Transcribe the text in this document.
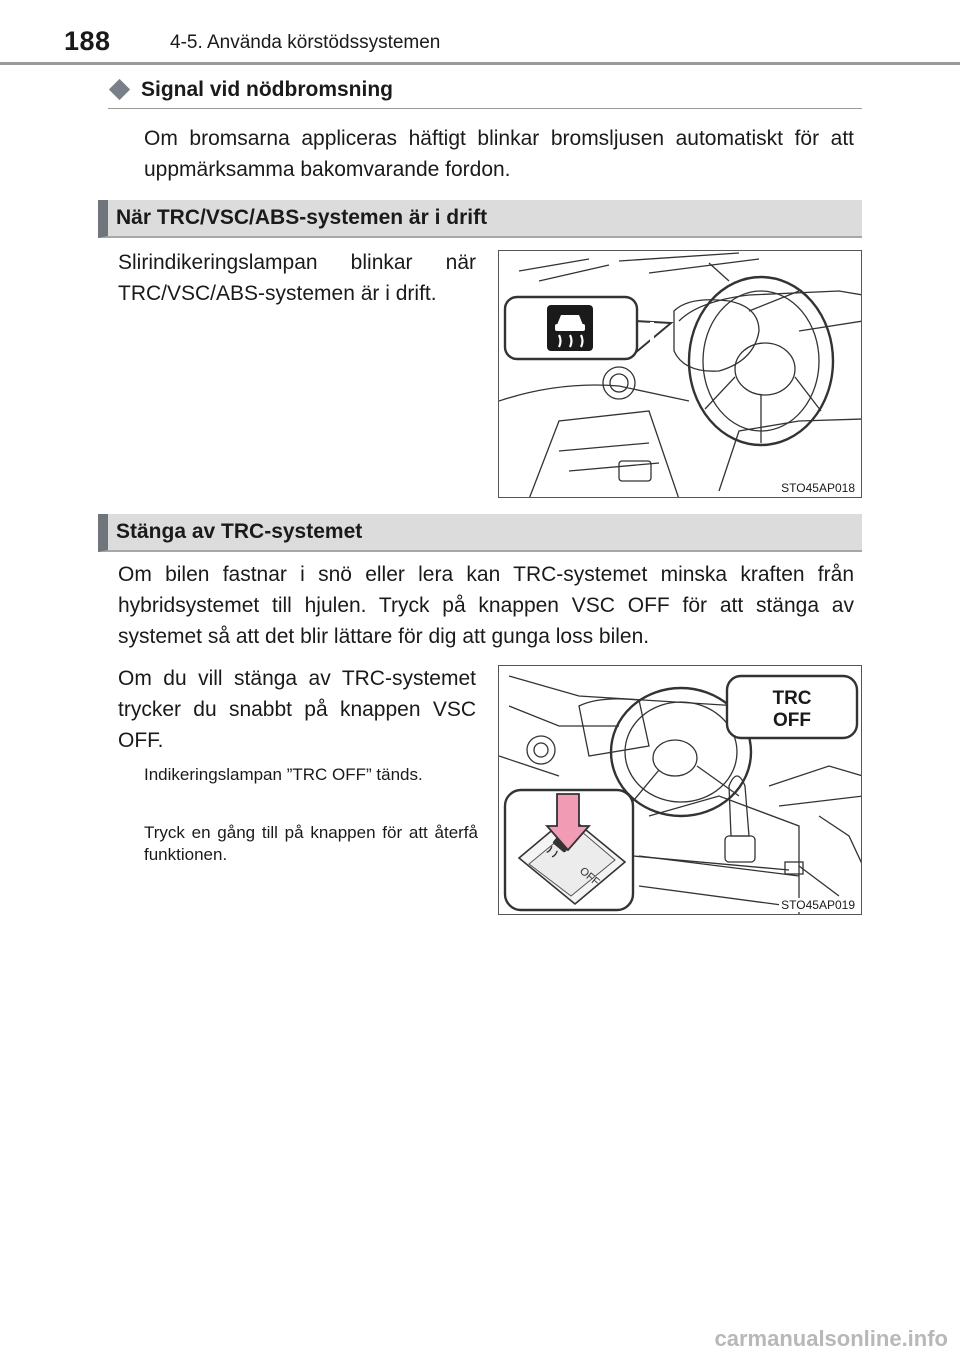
188	4-5. Använda körstödssystemen
Signal vid nödbromsning
Om bromsarna appliceras häftigt blinkar bromsljusen automatiskt för att uppmärksamma bakomvarande fordon.
När TRC/VSC/ABS-systemen är i drift
Slirindikeringslampan blinkar när TRC/VSC/ABS-systemen är i drift.
STO45AP018
Stänga av TRC-systemet
Om bilen fastnar i snö eller lera kan TRC-systemet minska kraften från hybridsystemet till hjulen. Tryck på knappen VSC OFF för att stänga av systemet så att det blir lättare för dig att gunga loss bilen.
Om du vill stänga av TRC-systemet trycker du snabbt på knappen VSC OFF.
Indikeringslampan ”TRC OFF” tänds.
Tryck en gång till på knappen för att återfå funktionen.
TRC
OFF
OFF
STO45AP019
carmanualsonline.info
